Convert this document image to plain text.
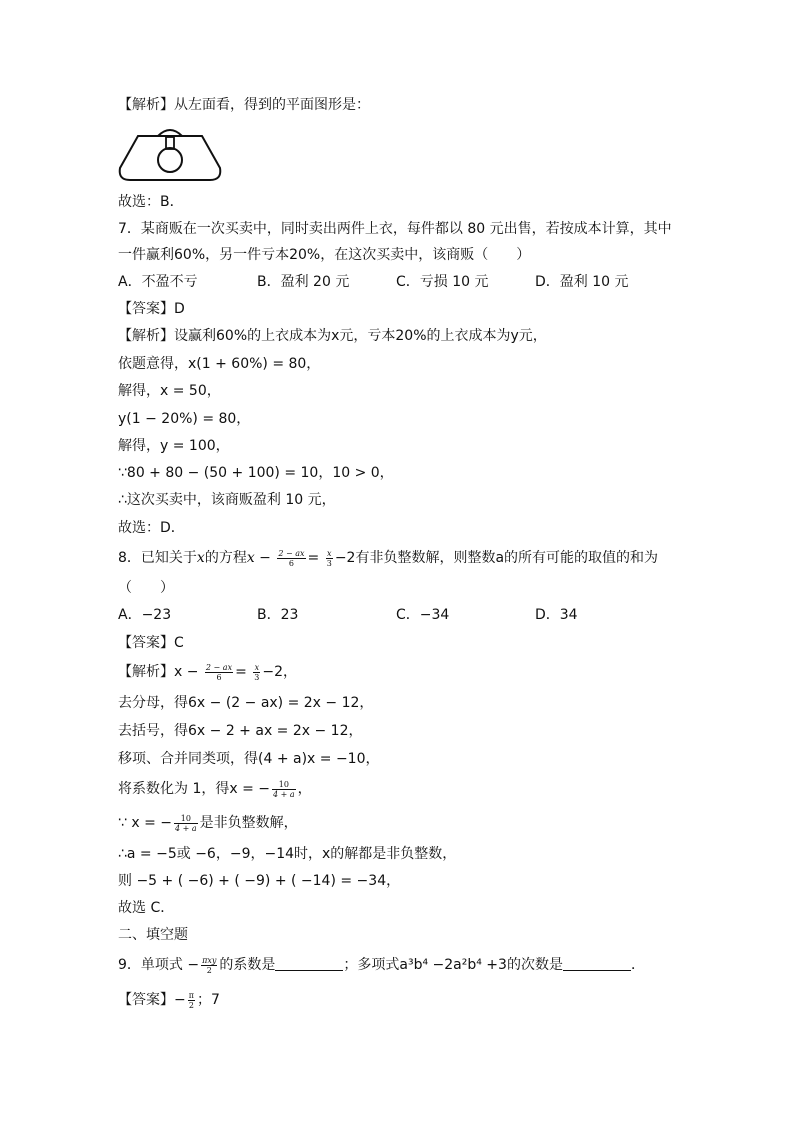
【解析】从左面看，得到的平面图形是：
故选：B．
7．某商贩在一次买卖中，同时卖出两件上衣，每件都以 80 元出售，若按成本计算，其中
一件赢利60%，另一件亏本20%，在这次买卖中，该商贩（　　）
A．不盈不亏	B．盈利 20 元	C．亏损 10 元	D．盈利 10 元
【答案】D
【解析】设赢利60%的上衣成本为x元，亏本20%的上衣成本为y元，
依题意得，x(1 + 60%) = 80，
解得，x = 50，
y(1 − 20%) = 80，
解得，y = 100，
∵80 + 80 − (50 + 100) = 10，10 > 0，
∴这次买卖中，该商贩盈利 10 元，
故选：D．
8．已知关于x的方程$x - \frac{2 - ax}{6} = \frac{x}{3} -2$有非负整数解，则整数a的所有可能的取值的和为
（　　）
A．−23	B．23	C．−34	D．34
【答案】C
【解析】$x - \frac{2 - ax}{6} = \frac{x}{3} -2$，
去分母，得6x − (2 − ax) = 2x − 12，
去括号，得6x − 2 + ax = 2x − 12，
移项、合并同类项，得(4 + a)x = −10，
将系数化为 1，得x = − $\frac{10}{4 + a}$ ，
∵ x = − $\frac{10}{4 + a}$ 是非负整数解，
∴a = −5或 −6，−9，−14时，x的解都是非负整数，
则 −5 + ( −6) + ( −9) + ( −14) = −34，
故选 C．
二、填空题
9．单项式 − $\frac{\text{πxy}}{2}$ 的系数是	；多项式a³b⁴ −2a²b⁴ +3的次数是	．
【答案】− $\frac{\pi}{2}$ ；7
